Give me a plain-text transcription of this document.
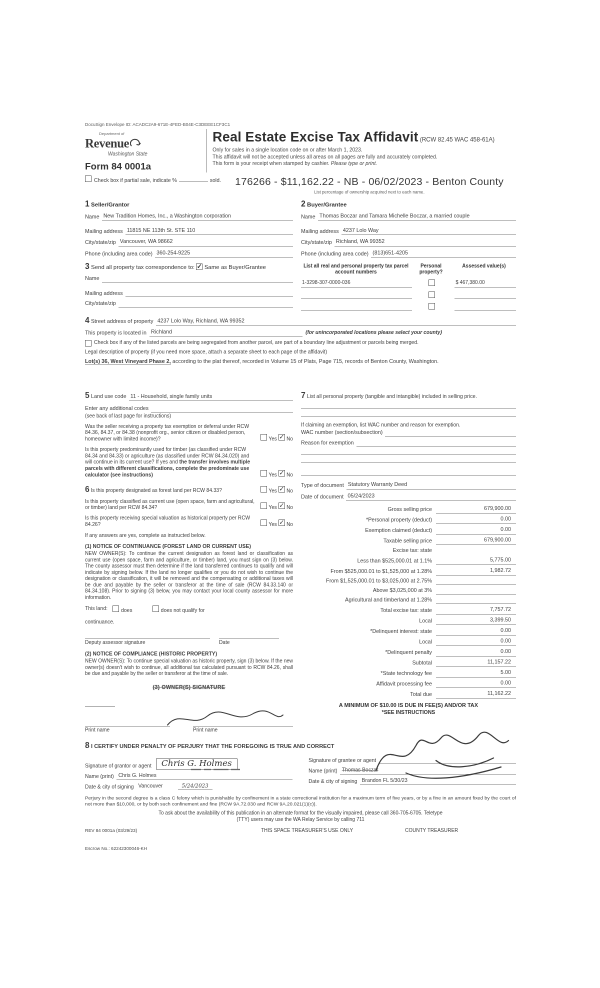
DocuSign Envelope ID: ACADC2A9-671E-4FED-B04E-C3DEEE1CF3C1
Department of
Revenue
Washington State
Form 84 0001a
Real Estate Excise Tax Affidavit (RCW 82.45 WAC 458-61A)
Only for sales in a single location code on or after March 1, 2023.
This affidavit will not be accepted unless all areas on all pages are fully and accurately completed.
This form is your receipt when stamped by cashier. Please type or print.
Check box if partial sale, indicate %	sold. 176266 - $11,162.22 - NB - 06/02/2023 - Benton County
List percentage of ownership acquired next to each name.
1 Seller/Grantor
Name New Tradition Homes, Inc., a Washington corporation
Mailing address 11815 NE 113th St. STE 110
City/state/zip Vancouver, WA 98662
Phone (including area code) 360-254-9225
3 Send all property tax correspondence to: ✓ Same as Buyer/Grantee
Name
Mailing address
City/state/zip
2 Buyer/Grantee
Name Thomas Boczar and Tamara Michelle Boczar, a married couple
Mailing address 4237 Lolo Way
City/state/zip Richland, WA 99352
Phone (including area code) (813)651-4205
List all real and personal property tax parcel account numbers
Personal property?
Assessed value(s)
1-3298-307-0000-036	$ 467,380.00
4 Street address of property 4237 Lolo Way, Richland, WA 99352
This property is located in Richland	(for unincorporated locations please select your county)
Check box if any of the listed parcels are being segregated from another parcel, are part of a boundary line adjustment or parcels being merged.
Legal description of property (if you need more space, attach a separate sheet to each page of the affidavit)
Lot(s) 36, West Vineyard Phase 2, according to the plat thereof, recorded in Volume 15 of Plats, Page 715, records of Benton County, Washington.
5 Land use code 11 - Household, single family units
Enter any additional codes
(see back of last page for instructions)
Was the seller receiving a property tax exemption or deferral under RCW 84.36, 84.37, or 84.38 (nonprofit org., senior citizen or disabled person, homeowner with limited income)?	Yes ✓ No
Is this property predominantly used for timber (as classified under RCW 84.34 and 84.33) or agriculture (as classified under RCW 84.34.020) and will continue in its current use? If yes and the transfer involves multiple parcels with different classifications, complete the predominate use calculator (see instructions)	Yes ✓ No
6 Is this property designated as forest land per RCW 84.33?	Yes ✓ No
Is this property classified as current use (open space, farm and agricultural, or timber) land per RCW 84.34?	Yes ✓ No
Is this property receiving special valuation as historical property per RCW 84.26?	Yes ✓ No
If any answers are yes, complete as instructed below.
(1) NOTICE OF CONTINUANCE (FOREST LAND OR CURRENT USE)
NEW OWNER(S): To continue the current designation as forest land or classification as current use (open space, farm and agriculture, or timber) land, you must sign on (3) below. The county assessor must then determine if the land transferred continues to qualify and will indicate by signing below. If the land no longer qualifies or you do not wish to continue the designation or classification, it will be removed and the compensating or additional taxes will be due and payable by the seller or transferor at the time of sale (RCW 84.33.140 or 84.34.108). Prior to signing (3) below, you may contact your local county assessor for more information.
This land: does	does not qualify for
continuance.
Deputy assessor signature	Date
(2) NOTICE OF COMPLIANCE (HISTORIC PROPERTY)
NEW OWNER(S): To continue special valuation as historic property, sign (3) below. If the new owner(s) doesn't wish to continue, all additional tax calculated pursuant to RCW 84.26, shall be due and payable by the seller or transferor at the time of sale.
(3) OWNER(S) SIGNATURE
Print name	Print name
7 List all personal property (tangible and intangible) included in selling price.
If claiming an exemption, list WAC number and reason for exemption.
WAC number (section/subsection)
Reason for exemption
Type of document Statutory Warranty Deed
Date of document 05/24/2023
Gross selling price	679,900.00
*Personal property (deduct)	0.00
Exemption claimed (deduct)	0.00
Taxable selling price	679,900.00
Excise tax: state
Less than $525,000.01 at 1.1%	5,775.00
From $525,000.01 to $1,525,000 at 1.28%	1,982.72
From $1,525,000.01 to $3,025,000 at 2.75%
Above $3,025,000 at 3%
Agricultural and timberland at 1.28%
Total excise tax: state	7,757.72
Local	3,399.50
*Delinquent interest: state	0.00
Local	0.00
*Delinquent penalty	0.00
Subtotal	11,157.22
*State technology fee	5.00
Affidavit processing fee	0.00
Total due	11,162.22
A MINIMUM OF $10.00 IS DUE IN FEE(S) AND/OR TAX
*SEE INSTRUCTIONS
8 I CERTIFY UNDER PENALTY OF PERJURY THAT THE FOREGOING IS TRUE AND CORRECT
Signature of grantor or agent Chris G. Holmes
Name (print) Chris G. Holmes
Date & city of signing Vancouver	5/24/2023
Signature of grantee or agent
Name (print) Thomas Boczar
Date & city of signing Brandon FL 5/30/23
Perjury in the second degree is a class C felony which is punishable by confinement in a state correctional institution for a maximum term of five years, or by a fine in an amount fixed by the court of not more than $10,000, or by both such confinement and fine (RCW 9A.72.030 and RCW 9A.20.021(1)(c)).
To ask about the availability of this publication in an alternate format for the visually impaired, please call 360-705-6705. Teletype
(TTY) users may use the WA Relay Service by calling 711
REV 84 0001a (03/29/23)	THIS SPACE TREASURER'S USE ONLY	COUNTY TREASURER
Escrow No.: 62242300046-KH
